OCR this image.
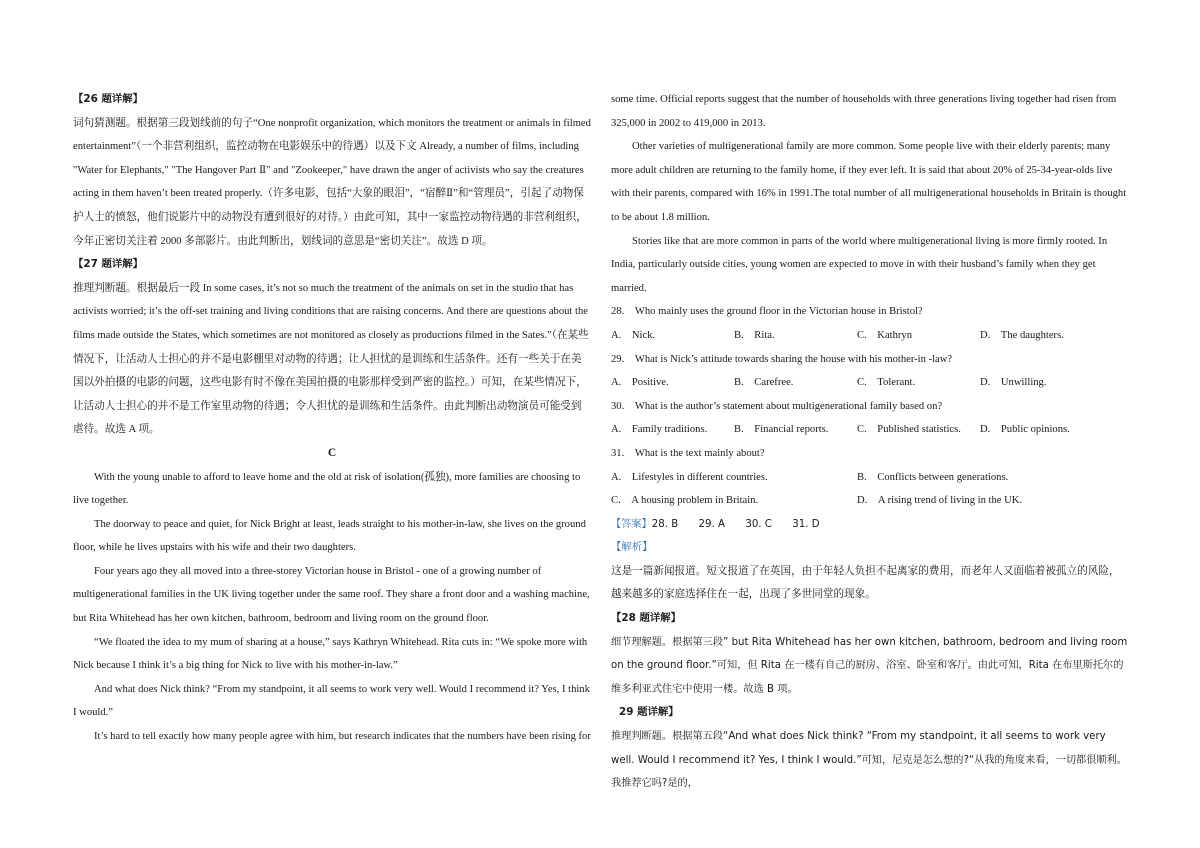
【26 题详解】

词句猜测题。根据第三段划线前的句子“One nonprofit organization, which monitors the treatment or animals in filmed entertainment”（一个非营利组织，监控动物在电影娱乐中的待遇）以及下文 Already, a number of films, including "Water for Elephants," "The Hangover Part Ⅱ" and "Zookeeper," have drawn the anger of activists who say the creatures acting in them haven’t been treated properly.（许多电影，包括“大象的眼泪”，“宿醉Ⅱ”和“管理员”，引起了动物保护人士的愤怒，他们说影片中的动物没有遭到很好的对待。）由此可知，其中一家监控动物待遇的非营利组织，今年正密切关注着 2000 多部影片。由此判断出，划线词的意思是“密切关注”。故选 D 项。

【27 题详解】

推理判断题。根据最后一段 In some cases, it’s not so much the treatment of the animals on set in the studio that has activists worried; it’s the off-set training and living conditions that are raising concerns. And there are questions about the films made outside the States, which sometimes are not monitored as closely as productions filmed in the Sates.”（在某些情况下，让活动人士担心的并不是电影棚里对动物的待遇；让人担忧的是训练和生活条件。还有一些关于在美国以外拍摄的电影的问题，这些电影有时不像在美国拍摄的电影那样受到严密的监控。）可知，在某些情况下，让活动人士担心的并不是工作室里动物的待遇；令人担忧的是训练和生活条件。由此判断出动物演员可能受到虐待。故选 A 项。

C

With the young unable to afford to leave home and the old at risk of isolation(孤独), more families are choosing to live together.

The doorway to peace and quiet, for Nick Bright at least, leads straight to his mother-in-law, she lives on the ground floor, while he lives upstairs with his wife and their two daughters.

Four years ago they all moved into a three-storey Victorian house in Bristol - one of a growing number of multigenerational families in the UK living together under the same roof. They share a front door and a washing machine, but Rita Whitehead has her own kitchen, bathroom, bedroom and living room on the ground floor.

“We floated the idea to my mum of sharing at a house,” says Kathryn Whitehead. Rita cuts in: “We spoke more with Nick because I think it’s a big thing for Nick to live with his mother-in-law.”

And what does Nick think? “From my standpoint, it all seems to work very well. Would I recommend it? Yes, I think I would.”

It’s hard to tell exactly how many people agree with him, but research indicates that the numbers have been rising for

some time. Official reports suggest that the number of households with three generations living together had risen from 325,000 in 2002 to 419,000 in 2013.

Other varieties of multigenerational family are more common. Some people live with their elderly parents; many more adult children are returning to the family home, if they ever left. It is said that about 20% of 25-34-year-olds live with their parents, compared with 16% in 1991.The total number of all multigenerational households in Britain is thought to be about 1.8 million.

Stories like that are more common in parts of the world where multigenerational living is more firmly rooted. In India, particularly outside cities, young women are expected to move in with their husband’s family when they get married.

28.　Who mainly uses the ground floor in the Victorian house in Bristol?

A.　Nick.	B.　Rita.	C.　Kathryn	D.　The daughters.

29.　What is Nick’s attitude towards sharing the house with his mother-in -law?

A.　Positive.	B.　Carefree.	C.　Tolerant.	D.　Unwilling.

30.　What is the author’s statement about multigenerational family based on?

A.　Family traditions.	B.　Financial reports.	C.　Published statistics.	D.　Public opinions.

31.　What is the text mainly about?

A.　Lifestyles in different countries.	B.　Conflicts between generations.
C.　A housing problem in Britain.	D.　A rising trend of living in the UK.

【答案】28. B　　29. A　　30. C　　31. D

【解析】

这是一篇新闻报道。短文报道了在英国，由于年轻人负担不起离家的费用，而老年人又面临着被孤立的风险，越来越多的家庭选择住在一起，出现了多世同堂的现象。

【28 题详解】

细节理解题。根据第三段” but Rita Whitehead has her own kitchen, bathroom, bedroom and living room on the ground floor.”可知，但 Rita 在一楼有自己的厨房、浴室、卧室和客厅。由此可知，Rita 在布里斯托尔的维多利亚式住宅中使用一楼。故选 B 项。

29 题详解】

推理判断题。根据第五段“And what does Nick think? “From my standpoint, it all seems to work very well. Would I recommend it? Yes, I think I would.”可知，尼克是怎么想的?“从我的角度来看，一切都很顺利。我推荐它吗?是的，
